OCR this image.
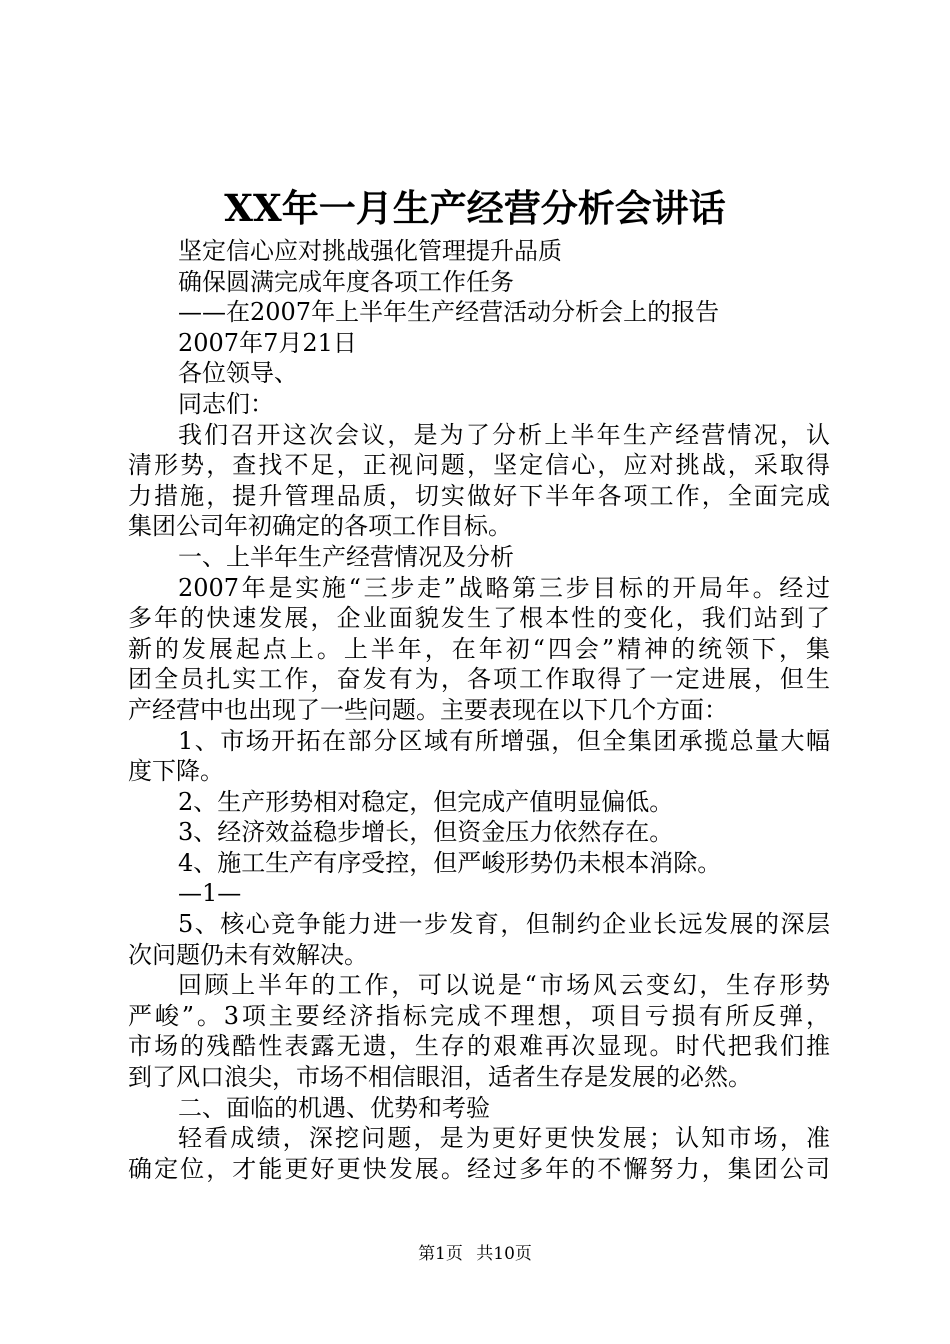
XX年一月生产经营分析会讲话
坚定信心应对挑战强化管理提升品质
确保圆满完成年度各项工作任务
——在2007年上半年生产经营活动分析会上的报告
2007年7月21日
各位领导、
同志们：
我们召开这次会议，是为了分析上半年生产经营情况，认
清形势，查找不足，正视问题，坚定信心，应对挑战，采取得
力措施，提升管理品质，切实做好下半年各项工作，全面完成
集团公司年初确定的各项工作目标。
一、上半年生产经营情况及分析
2007年是实施“三步走”战略第三步目标的开局年。经过
多年的快速发展，企业面貌发生了根本性的变化，我们站到了
新的发展起点上。上半年，在年初“四会”精神的统领下，集
团全员扎实工作，奋发有为，各项工作取得了一定进展，但生
产经营中也出现了一些问题。主要表现在以下几个方面：
1、市场开拓在部分区域有所增强，但全集团承揽总量大幅
度下降。
2、生产形势相对稳定，但完成产值明显偏低。
3、经济效益稳步增长，但资金压力依然存在。
4、施工生产有序受控，但严峻形势仍未根本消除。
—1—
5、核心竞争能力进一步发育，但制约企业长远发展的深层
次问题仍未有效解决。
回顾上半年的工作，可以说是“市场风云变幻，生存形势
严峻”。3项主要经济指标完成不理想，项目亏损有所反弹，
市场的残酷性表露无遗，生存的艰难再次显现。时代把我们推
到了风口浪尖，市场不相信眼泪，适者生存是发展的必然。
二、面临的机遇、优势和考验
轻看成绩，深挖问题，是为更好更快发展；认知市场，准
确定位，才能更好更快发展。经过多年的不懈努力，集团公司
第1页 共10页
